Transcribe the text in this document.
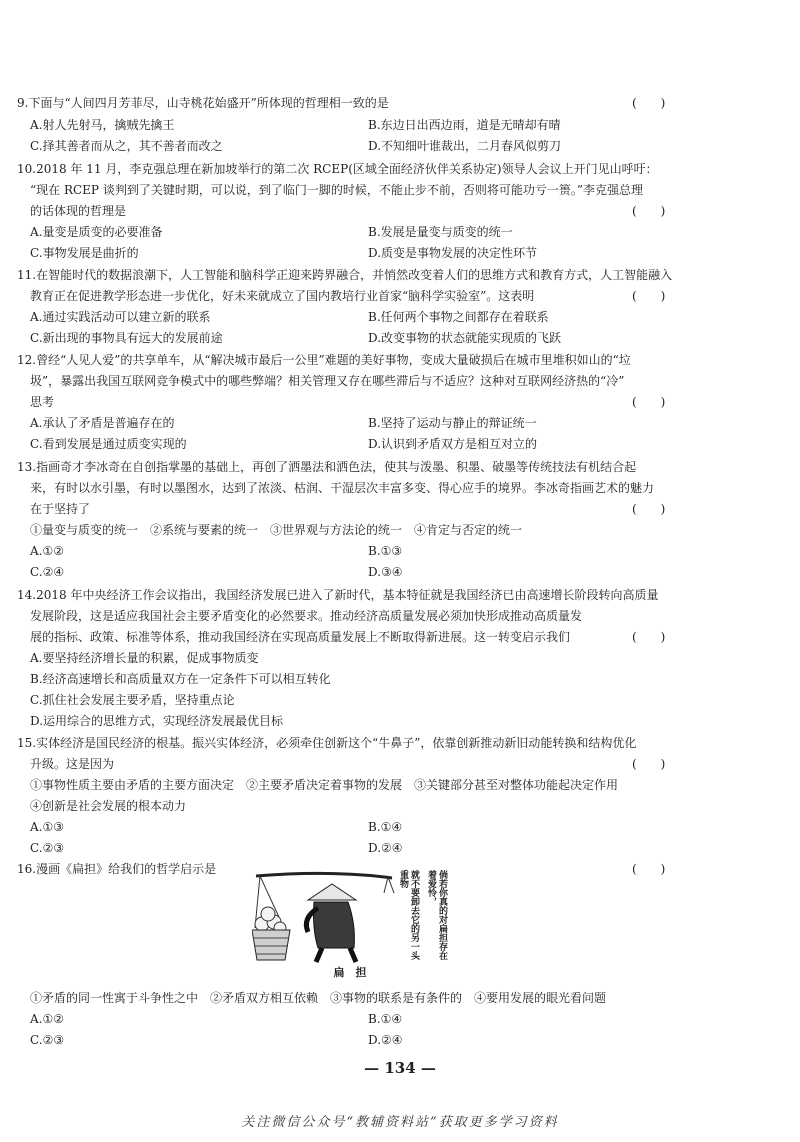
9.下面与“人间四月芳菲尽，山寺桃花始盛开”所体现的哲理相一致的是	(　　)
A.射人先射马，擒贼先擒王	B.东边日出西边雨，道是无晴却有晴
C.择其善者而从之，其不善者而改之	D.不知细叶谁裁出，二月春风似剪刀
10.2018 年 11 月，李克强总理在新加坡举行的第二次 RCEP(区域全面经济伙伴关系协定)领导人会议上开门见山呼吁：
“现在 RCEP 谈判到了关键时期，可以说，到了临门一脚的时候，不能止步不前，否则将可能功亏一篑。”李克强总理
的话体现的哲理是	(　　)
A.量变是质变的必要准备	B.发展是量变与质变的统一
C.事物发展是曲折的	D.质变是事物发展的决定性环节
11.在智能时代的数据浪潮下，人工智能和脑科学正迎来跨界融合，并悄然改变着人们的思维方式和教育方式，人工智能融入
教育正在促进教学形态进一步优化，好未来就成立了国内教培行业首家“脑科学实验室”。这表明	(　　)
A.通过实践活动可以建立新的联系	B.任何两个事物之间都存在着联系
C.新出现的事物具有远大的发展前途	D.改变事物的状态就能实现质的飞跃
12.曾经“人见人爱”的共享单车，从“解决城市最后一公里”难题的美好事物，变成大量破损后在城市里堆积如山的“垃
圾”，暴露出我国互联网竞争模式中的哪些弊端？相关管理又存在哪些滞后与不适应？这种对互联网经济热的“冷”
思考	(　　)
A.承认了矛盾是普遍存在的	B.坚持了运动与静止的辩证统一
C.看到发展是通过质变实现的	D.认识到矛盾双方是相互对立的
13.指画奇才李冰奇在自创指掌墨的基础上，再创了洒墨法和洒色法，使其与泼墨、积墨、破墨等传统技法有机结合起
来，有时以水引墨，有时以墨图水，达到了浓淡、枯润、干湿层次丰富多变、得心应手的境界。李冰奇指画艺术的魅力
在于坚持了	(　　)
①量变与质变的统一　②系统与要素的统一　③世界观与方法论的统一　④肯定与否定的统一
A.①②	B.①③
C.②④	D.③④
14.2018 年中央经济工作会议指出，我国经济发展已进入了新时代，基本特征就是我国经济已由高速增长阶段转向高质量
发展阶段，这是适应我国社会主要矛盾变化的必然要求。推动经济高质量发展必须加快形成推动高质量发
展的指标、政策、标准等体系，推动我国经济在实现高质量发展上不断取得新进展。这一转变启示我们	(　　)
A.要坚持经济增长量的积累，促成事物质变
B.经济高速增长和高质量双方在一定条件下可以相互转化
C.抓住社会发展主要矛盾，坚持重点论
D.运用综合的思维方式，实现经济发展最优目标
15.实体经济是国民经济的根基。振兴实体经济，必须牵住创新这个“牛鼻子”，依靠创新推动新旧动能转换和结构优化
升级。这是因为	(　　)
①事物性质主要由矛盾的主要方面决定　②主要矛盾决定着事物的发展　③关键部分甚至对整体功能起决定作用
④创新是社会发展的根本动力
A.①③	B.①④
C.②③	D.②④
16.漫画《扁担》给我们的哲学启示是	(　　)
就不要卸去它的另一头重物	倘若你真的对扁担存在着爱怜，
扁　担
①矛盾的同一性寓于斗争性之中　②矛盾双方相互依赖　③事物的联系是有条件的　④要用发展的眼光看问题
A.①②	B.①④
C.②③	D.②④
— 134 —
关注微信公众号“教辅资料站”获取更多学习资料
